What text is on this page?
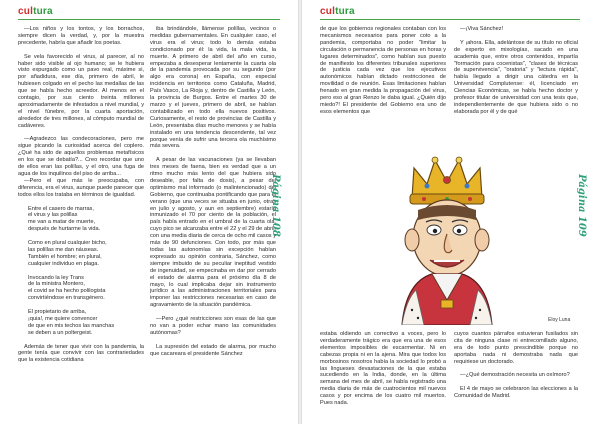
cultura

—Los niños y los tontos, y los borrachos, siempre dicen la verdad, y, por la muestra precedente, habría que añadir los poetas.

Se vela favorecido el virus, al parecer, al no haber sido visible al ojo humano; se le hubiera visto expurgado como un pavo real, máxime si, por añadidura, ese día, primero de abril, le hubiesen colgado en el pecho las medallas de las que se había hecho acreedor. Al menos en el contagio, por sus ciento treinta millones aproximadamente de infestados a nivel mundial, y el nivel fúnebre, por la cuarta aportación, alrededor de tres millones, al cómputo mundial de cadáveres.

—Agradezco las condecoraciones, pero me sigue picando la curiosidad acerca del coplero. ¿Qué ha sido de aquellos problemas metafísicos en los que se debatía?... Creo recordar que uno de ellos eran las polillas, y el otro, una fuga de agua de los inquilinos del piso de arriba...

—Pero el que más le preocupaba, con diferencia, era el virus, aunque puede parecer que todos ellos los trataba en términos de igualdad.

Entre el casero de marras,

el virus y las polillas

me van a matar de muerte,

después de hurtarme la vida.

Como en plural cualquier bicho,

las polillas me dan náuseas.

También el hombre; en plural,

cualquier individuo en plaga.

Invocando la ley Trans

de la ministra Montero,

el covid se ha hecho polilogista

convirtiéndose en transgénero.

El propietario de arriba,

¡quia!, me quiere convencer

de que en mis techos las manchas

se deben a un poltergeist.

Además de tener que vivir con la pandemia, la gente tenía que convivir con las contrariedades que la existencia cotidiana

iba brindándole, llámense polillas, vecinos o medidas gubernamentales. En cualquier caso, el virus era el virus; todo lo demás estaba condicionado por él: la vida, la mala vida, la muerte. A primero de abril del año en curso, empezaba a desesperar lentamente la cuarta ola de la pandemia provocada por su segundo (por algo era corona) en España, con especial incidencia en territorios como Cataluña, Madrid, País Vasco, La Rioja y, dentro de Castilla y León, la provincia de Burgos. Entre el martes 30 de marzo y el jueves, primero de abril, se habían contabilizado en todo ella nuevos positivos. Curiosamente, el resto de provincias de Castilla y León, presentaba días mucho menores y se había instalado en una tendencia descendente, tal vez porque venía de sufrir una tercera ola muchísimo más severa.

A pesar de las vacunaciones (ya se llevaban tres meses de faena, bien es verdad que a un ritmo mucho más lento del que hubiera sido deseable, por falta de dosis), a pesar del optimismo mal informado (o malintencionado) del Gobierno, que continuaba pontificando que para el verano (que una veces se situaba en junio, otras en julio y agosto, y aun en septiembre) estaría inmunizado el 70 por ciento de la población, el país había entrado en el umbral de la cuarta ola, cuyo pico se alcanzaba entre el 22 y el 29 de abril, con una media diaria de cerca de ocho mil casos y más de 90 defunciones. Con todo, por más que todas las autonomías sin excepción habían expresado su opinión contraria, Sánchez, como siempre imbuido de su peculiar ineptitud vestido de ingenuidad, se empecinaba en dar por cerrado el estado de alarma para el próximo día 8 de mayo, lo cual implicaba dejar sin instrumento jurídico a las administraciones territoriales para imponer las restricciones necesarias en caso de agravamiento de la situación pandémica.

—Pero ¿qué restricciones son esas de las que no van a poder echar mano las comunidades autónomas?

La supresión del estado de alarma, por mucho que cacareara el presidente Sánchez

Página 108
cultura

de que los gobiernos regionales contaban con los mecanismos necesarios para poner coto a la pandemia, comportaba no poder "limitar la circulación o permanencia de personas en horas y lugares determinados", como habían sus puesto de manifiesto los diferentes tribunales superiores de justicia cada vez que los ejecutivos autonómicos habían dictado restricciones de movilidad o de reunión. Esas limitaciones habían frenado en gran medida la propagación del virus, pero eso al gran Renzo le daba igual. ¿Quién dijo miedo?! El presidente del Gobierno era uno de esos elementos que

—¡Viva Sánchez!

Y ¡ahora. Ella, adelántose de su título no oficial de experto en mixologías, sacado en una academia que, entre otros contenidos, impartía "formación para cocenistas", "clases de técnicas de supervivencia", "oratoria" y "lectura rápida", había llegado a dirigir una cátedra en la Universidad Complutense: él, licenciado en Ciencias Económicas, se había hecho doctor y profesor titular de universidad con una tesis que, independientemente de que hubiera sido o no elaborada por él y de qué

Eloy Luna
Página 109

estaba oldiendo un correctivo a voces, pero lo verdaderamente trágico era que era una de esos elementos imposibles de escarmentar. Ni en cabezas propia ni en la ajena. Mira que todos los morbosinos nosotros había la sociedad lo probó a las lingueses devastaciones de la que estaba sucediendo en la India, donde, en la última semana del mes de abril, se había registrado una media diaria de más de cuatrocientos mil nuevos casos y por encima de los cuatro mil muertos. Pues nada.

cuyos cuantos párrafos estuvieran fusilados sin cita de ninguna clase ni entrecomillado alguno, era de todo punto prescindible porque no aportaba nada ni demostraba nada que requiriese un doctorado.

—¿Qué demostración necesita un oxímoro?

El 4 de mayo se celebraron las elecciones a la Comunidad de Madrid.
